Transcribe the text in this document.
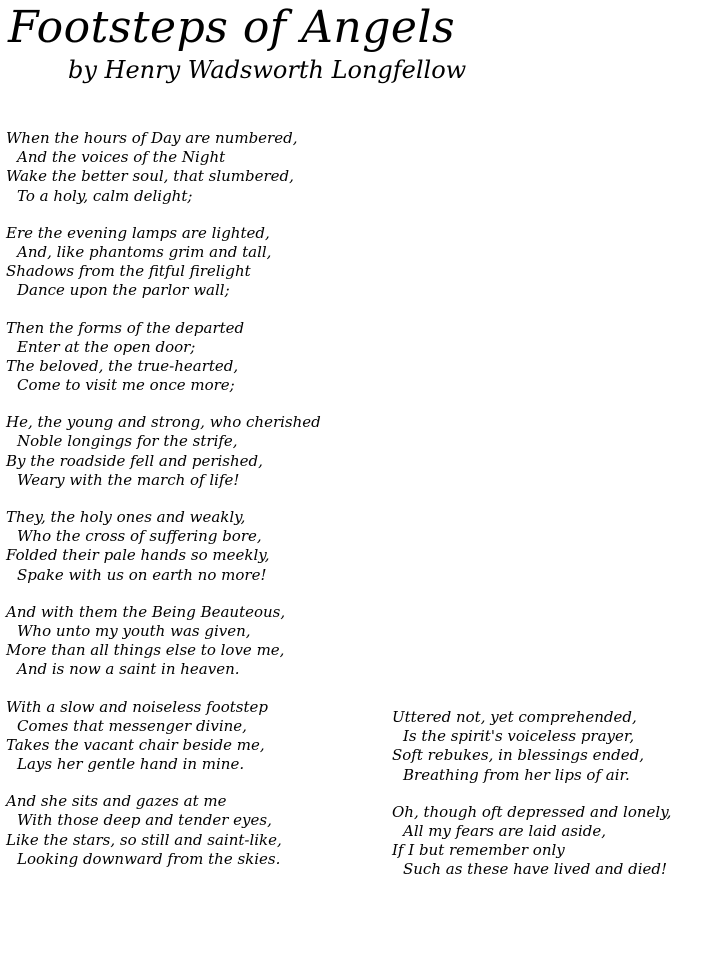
Footsteps of Angels
by Henry Wadsworth Longfellow
When the hours of Day are numbered,
And the voices of the Night
Wake the better soul, that slumbered,
To a holy, calm delight;
Ere the evening lamps are lighted,
And, like phantoms grim and tall,
Shadows from the fitful firelight
Dance upon the parlor wall;
Then the forms of the departed
Enter at the open door;
The beloved, the true-hearted,
Come to visit me once more;
He, the young and strong, who cherished
Noble longings for the strife,
By the roadside fell and perished,
Weary with the march of life!
They, the holy ones and weakly,
Who the cross of suffering bore,
Folded their pale hands so meekly,
Spake with us on earth no more!
And with them the Being Beauteous,
Who unto my youth was given,
More than all things else to love me,
And is now a saint in heaven.
With a slow and noiseless footstep
Comes that messenger divine,
Takes the vacant chair beside me,
Lays her gentle hand in mine.
And she sits and gazes at me
With those deep and tender eyes,
Like the stars, so still and saint-like,
Looking downward from the skies.
Uttered not, yet comprehended,
Is the spirit's voiceless prayer,
Soft rebukes, in blessings ended,
Breathing from her lips of air.
Oh, though oft depressed and lonely,
All my fears are laid aside,
If I but remember only
Such as these have lived and died!
